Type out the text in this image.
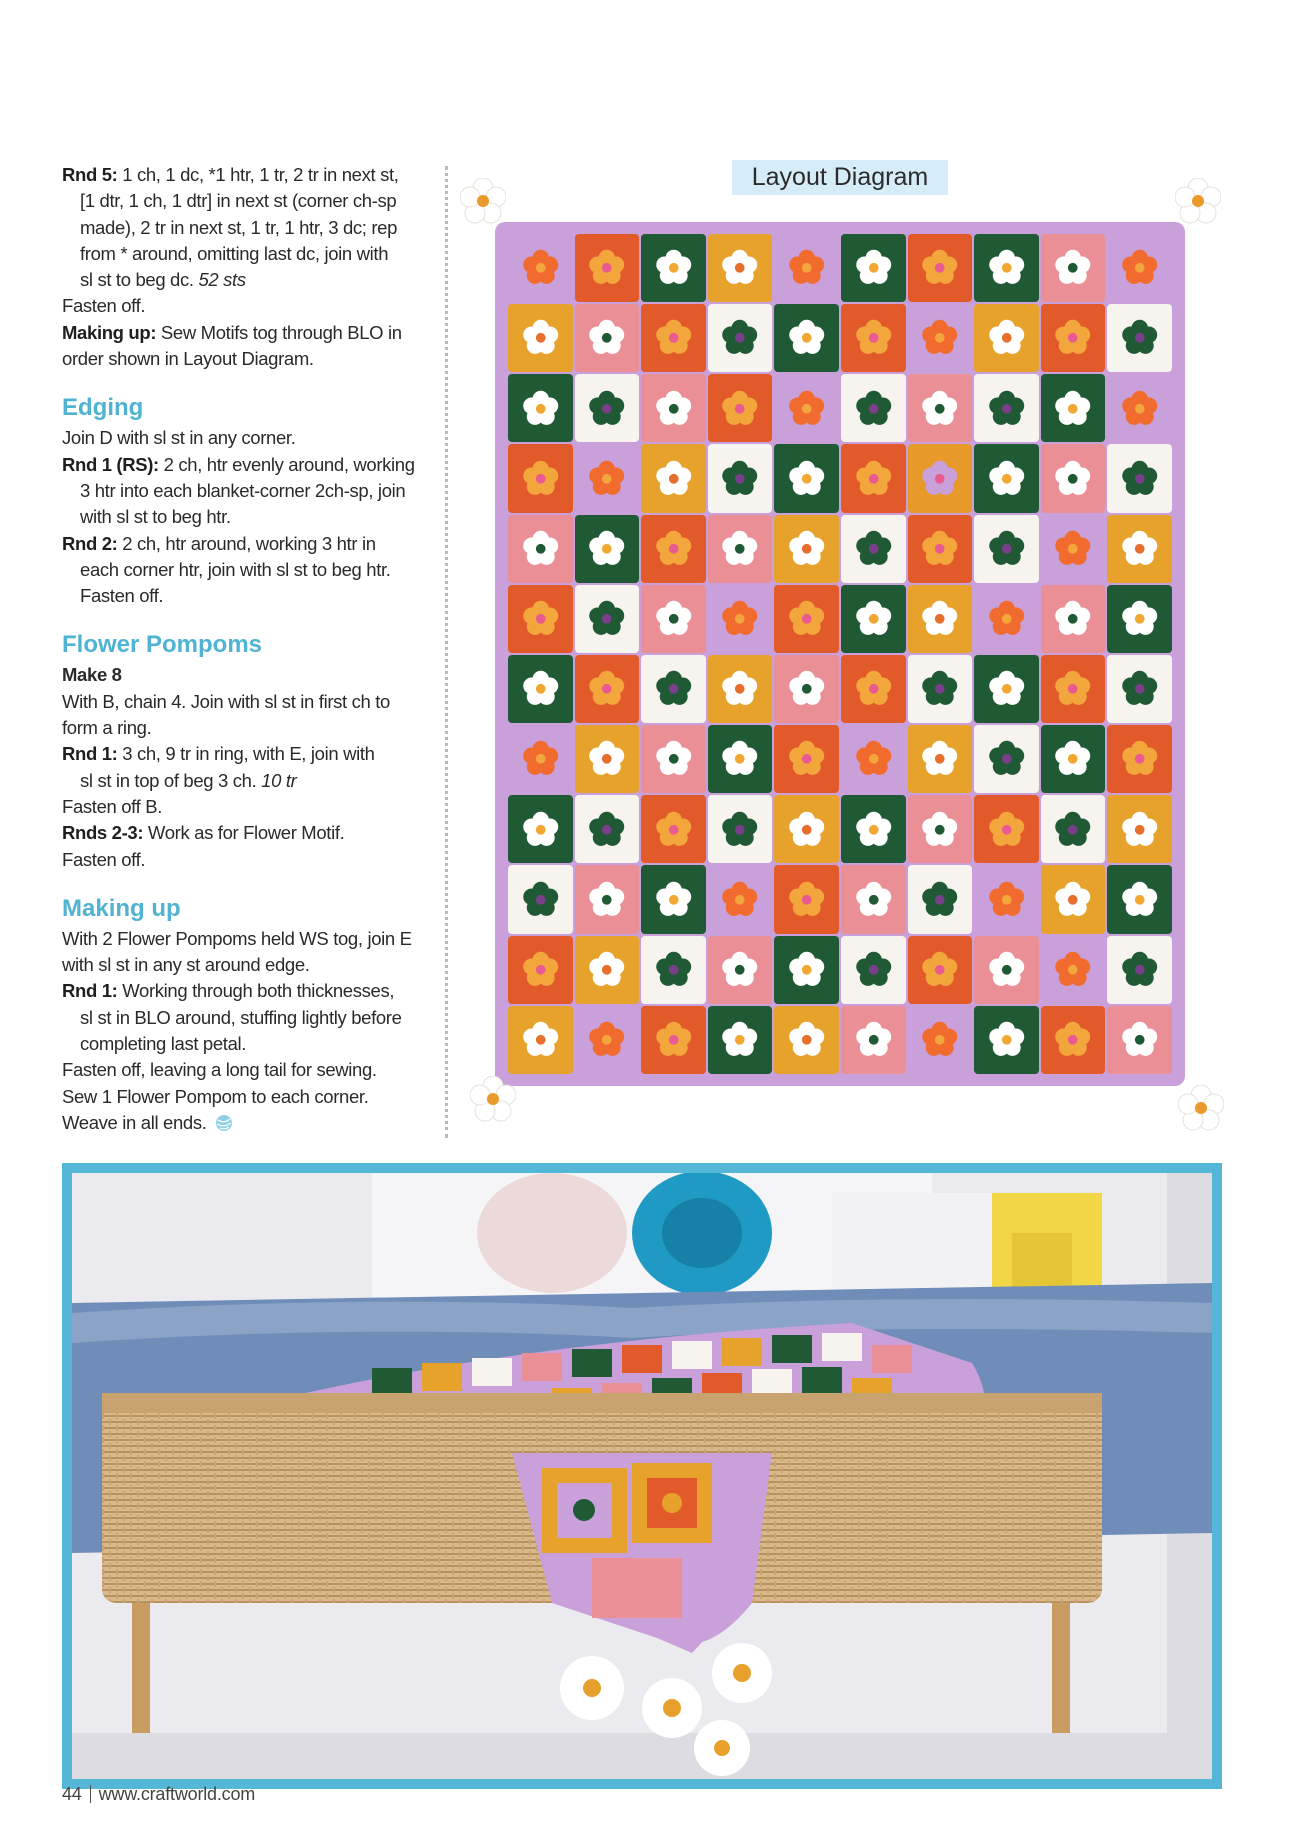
Rnd 5: 1 ch, 1 dc, *1 htr, 1 tr, 2 tr in next st,

[1 dtr, 1 ch, 1 dtr] in next st (corner ch-sp

made), 2 tr in next st, 1 tr, 1 htr, 3 dc; rep

from * around, omitting last dc, join with

sl st to beg dc. 52 sts

Fasten off.

Making up: Sew Motifs tog through BLO in

order shown in Layout Diagram.

Edging

Join D with sl st in any corner.

Rnd 1 (RS): 2 ch, htr evenly around, working

3 htr into each blanket-corner 2ch-sp, join

with sl st to beg htr.

Rnd 2: 2 ch, htr around, working 3 htr in

each corner htr, join with sl st to beg htr.

Fasten off.

Flower Pompoms

Make 8

With B, chain 4. Join with sl st in first ch to

form a ring.

Rnd 1: 3 ch, 9 tr in ring, with E, join with

sl st in top of beg 3 ch. 10 tr

Fasten off B.

Rnds 2-3: Work as for Flower Motif.

Fasten off.

Making up

With 2 Flower Pompoms held WS tog, join E

with sl st in any st around edge.

Rnd 1: Working through both thicknesses,

sl st in BLO around, stuffing lightly before

completing last petal.

Fasten off, leaving a long tail for sewing.

Sew 1 Flower Pompom to each corner.

Weave in all ends.

Layout Diagram
44 www.craftworld.com
